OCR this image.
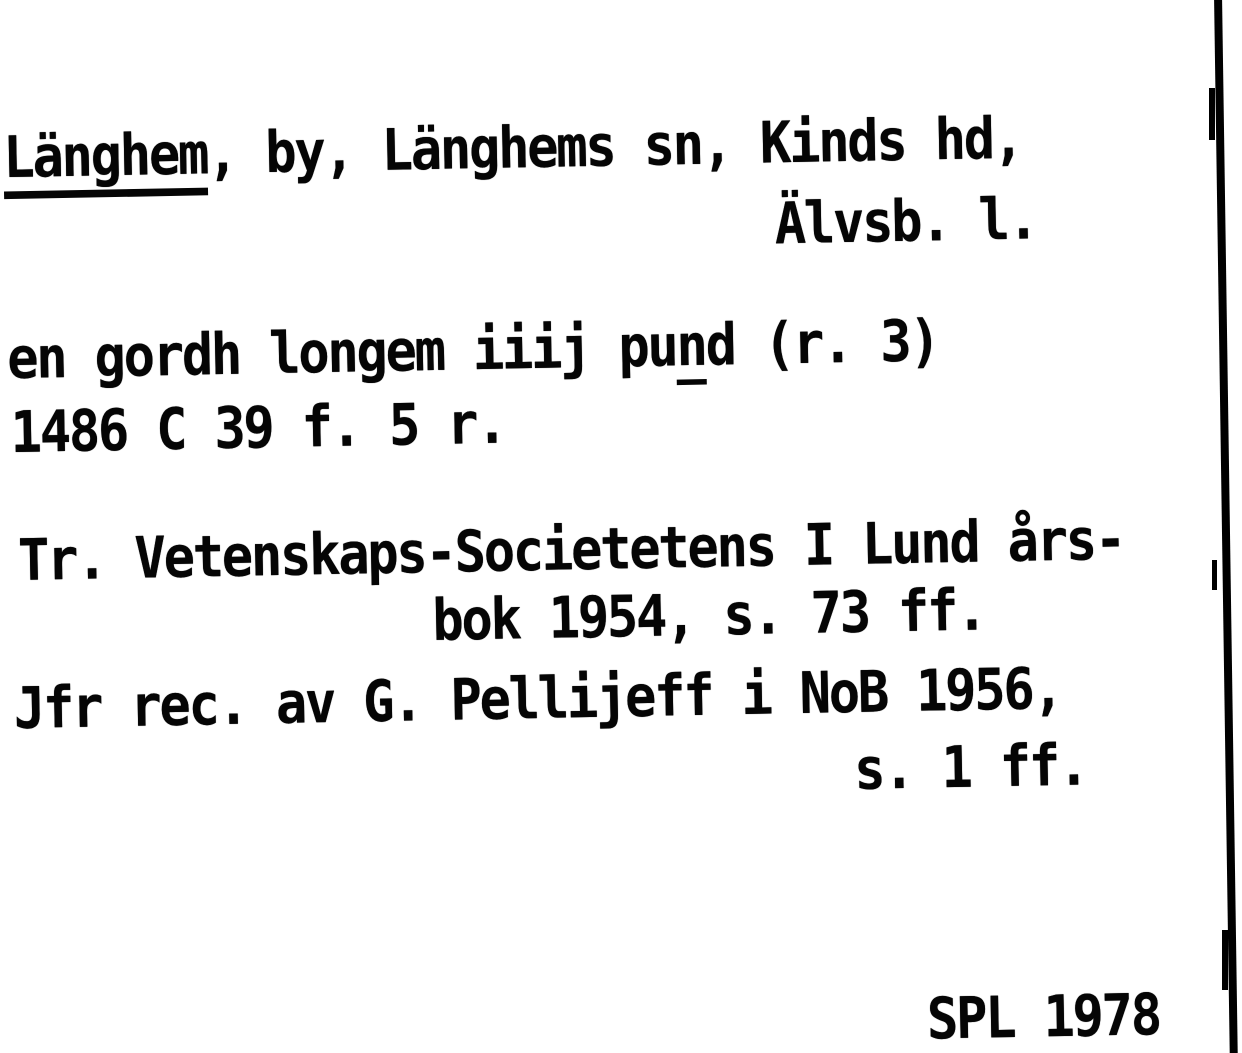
Länghem, by, Länghems sn, Kinds hd,
Älvsb. l.
en gordh longem iiij pund (r. 3)
1486 C 39 f. 5 r.
Tr. Vetenskaps-Societetens I Lund års-
bok 1954, s. 73 ff.
Jfr rec. av G. Pellijeff i NoB 1956,
s. 1 ff.
SPL 1978
